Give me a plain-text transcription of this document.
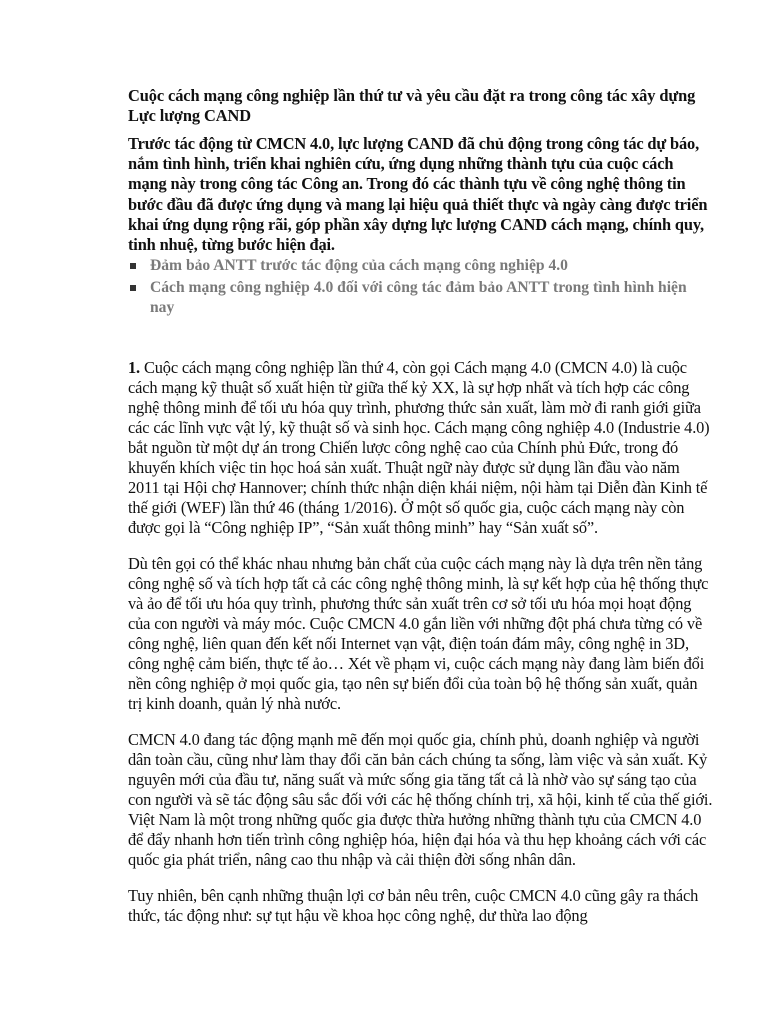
Cuộc cách mạng công nghiệp lần thứ tư và yêu cầu đặt ra trong công tác xây dựng Lực lượng CAND

Trước tác động từ CMCN 4.0, lực lượng CAND đã chủ động trong công tác dự báo, nắm tình hình, triển khai nghiên cứu, ứng dụng những thành tựu của cuộc cách mạng này trong công tác Công an. Trong đó các thành tựu về công nghệ thông tin bước đầu đã được ứng dụng và mang lại hiệu quả thiết thực và ngày càng được triển khai ứng dụng rộng rãi, góp phần xây dựng lực lượng CAND cách mạng, chính quy, tinh nhuệ, từng bước hiện đại.

Đảm bảo ANTT trước tác động của cách mạng công nghiệp 4.0
Cách mạng công nghiệp 4.0 đối với công tác đảm bảo ANTT trong tình hình hiện nay

1. Cuộc cách mạng công nghiệp lần thứ 4, còn gọi Cách mạng 4.0 (CMCN 4.0) là cuộc cách mạng kỹ thuật số xuất hiện từ giữa thế kỷ XX, là sự hợp nhất và tích hợp các công nghệ thông minh để tối ưu hóa quy trình, phương thức sản xuất, làm mờ đi ranh giới giữa các các lĩnh vực vật lý, kỹ thuật số và sinh học. Cách mạng công nghiệp 4.0 (Industrie 4.0) bắt nguồn từ một dự án trong Chiến lược công nghệ cao của Chính phủ Đức, trong đó khuyến khích việc tin học hoá sản xuất. Thuật ngữ này được sử dụng lần đầu vào năm 2011 tại Hội chợ Hannover; chính thức nhận diện khái niệm, nội hàm tại Diễn đàn Kinh tế thế giới (WEF) lần thứ 46 (tháng 1/2016). Ở một số quốc gia, cuộc cách mạng này còn được gọi là “Công nghiệp IP”, “Sản xuất thông minh” hay “Sản xuất số”.

Dù tên gọi có thể khác nhau nhưng bản chất của cuộc cách mạng này là dựa trên nền tảng công nghệ số và tích hợp tất cả các công nghệ thông minh, là sự kết hợp của hệ thống thực và ảo để tối ưu hóa quy trình, phương thức sản xuất trên cơ sở tối ưu hóa mọi hoạt động của con người và máy móc. Cuộc CMCN 4.0 gắn liền với những đột phá chưa từng có về công nghệ, liên quan đến kết nối Internet vạn vật, điện toán đám mây, công nghệ in 3D, công nghệ cảm biến, thực tế ảo… Xét về phạm vi, cuộc cách mạng này đang làm biến đổi nền công nghiệp ở mọi quốc gia, tạo nên sự biến đổi của toàn bộ hệ thống sản xuất, quản trị kinh doanh, quản lý nhà nước.

CMCN 4.0 đang tác động mạnh mẽ đến mọi quốc gia, chính phủ, doanh nghiệp và người dân toàn cầu, cũng như làm thay đổi căn bản cách chúng ta sống, làm việc và sản xuất. Kỷ nguyên mới của đầu tư, năng suất và mức sống gia tăng tất cả là nhờ vào sự sáng tạo của con người và sẽ tác động sâu sắc đối với các hệ thống chính trị, xã hội, kinh tế của thế giới. Việt Nam là một trong những quốc gia được thừa hưởng những thành tựu của CMCN 4.0 để đẩy nhanh hơn tiến trình công nghiệp hóa, hiện đại hóa và thu hẹp khoảng cách với các quốc gia phát triển, nâng cao thu nhập và cải thiện đời sống nhân dân.

Tuy nhiên, bên cạnh những thuận lợi cơ bản nêu trên, cuộc CMCN 4.0 cũng gây ra thách thức, tác động như: sự tụt hậu về khoa học công nghệ, dư thừa lao động
